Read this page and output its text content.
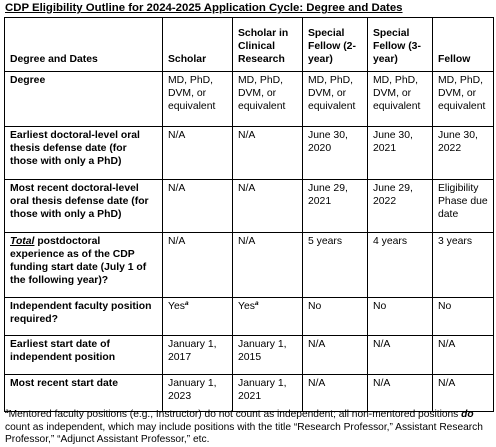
CDP Eligibility Outline for 2024-2025 Application Cycle: Degree and Dates
Degree and Dates	Scholar	Scholar in Clinical Research	Special Fellow (2-year)	Special Fellow (3-year)	Fellow
Degree	MD, PhD, DVM, or equivalent	MD, PhD, DVM, or equivalent	MD, PhD, DVM, or equivalent	MD, PhD, DVM, or equivalent	MD, PhD, DVM, or equivalent
Earliest doctoral-level oral thesis defense date (for those with only a PhD)	N/A	N/A	June 30, 2020	June 30, 2021	June 30, 2022
Most recent doctoral-level oral thesis defense date (for those with only a PhD)	N/A	N/A	June 29, 2021	June 29, 2022	Eligibility Phase due date
Total postdoctoral experience as of the CDP funding start date (July 1 of the following year)?	N/A	N/A	5 years	4 years	3 years
Independent faculty position required?	Yes$^a$	Yes$^a$	No	No	No
Earliest start date of independent position	January 1, 2017	January 1, 2015	N/A	N/A	N/A
Most recent start date	January 1, 2023	January 1, 2021	N/A	N/A	N/A
$^a$Mentored faculty positions (e.g., Instructor) do not count as independent; all non-mentored positions do count as independent, which may include positions with the title “Research Professor,” Assistant Research Professor,” “Adjunct Assistant Professor,” etc.
